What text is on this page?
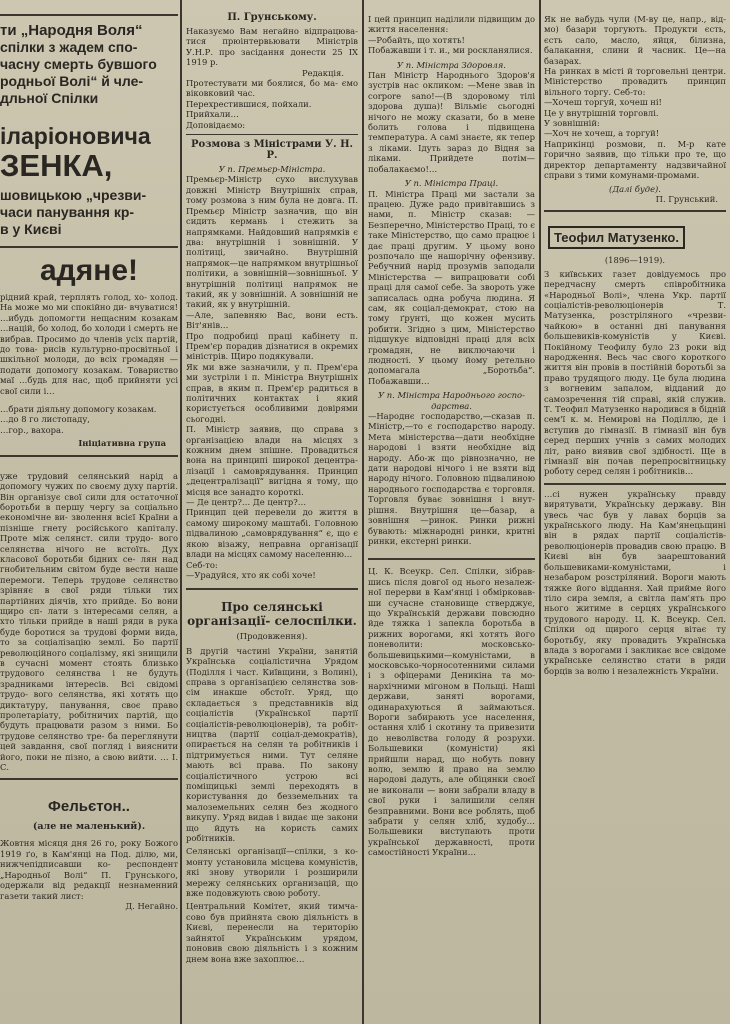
ти „Народня Воля“
спілки з жадем спо-
часну смерть бувшого
родньої Волі“ й чле-
дльної Спілки
іларіоновича
ЗЕНКА,
шовицькою „чрезви-
часи панування кр-
в у Києві
адяне!

рідний край, терплять голод, хо- холод. На може мо ми спокійно ди- вчуватися! …ибудь допомогти нещасним козакам …націй, бо холод, бо холоди і смерть не вибрав. Просимо до членів усіх партій, до това- рисів культурно-просвітньої і шкільної молоди, до всіх громадян — подати допомогу козакам. Товариство маї …будь для нас, щоб прийняти усі свої сили і…

…брати діяльну допомогу козакам.

…до 8 го листопаду,

…гор., вахора.

Ініціативна група

уже трудовий селянський нарід а допомогу чужих по своєму духу партій. Він організує свої сили для остаточної боротьби в першу чергу за соціально економічне ви- зволення всієї Країни а пізніше гнету російського капіталу. Проте між селянст. сили трудо- вого селянства нічого не встоїть. Дух класової боротьби бідних се- лян над гнобительним світом буде вести наше перемоги. Теперь трудове селянство зрівняє в свої ряди тільки тих партійних діячів, хто прийде. Бо вони щиро сп- лати з інтересами селян, а хто тільки прийде в наші ряди в рука буде боротися за трудові форми вида, то за соціалізацію землі. Бо партії революційного соціалізму, які знищили в сучасні момент стоять близько трудового селянства і не будуть зрадниками інтересів. Всі свідомі трудо- вого селянства, які хотять що диктатуру, панування, своє право пролетаріату, робітничих партій, що будуть працювати разом з ними. Бо трудове селянство тре- ба переглянути цей завдання, свої погляд і вияснити його, поки не пізно, а свою вийти. … І. С.

Фельєтон..
(але не маленький).

Жовтня місяця дня 26 го, року Божого 1919 ґо, в Кам'янці на Под. ділю, ми, нижчепідписавши ко- респондент „Народньої Волі“ П. Грунського, одержали від редакції незнаменний газети такий лист:

Д. Негайно.

П. Грунському.

Наказуємо Вам негайно відпрацюватися прюінтервьювати Міністрів У.Н.Р. про засідання донести 25 IX 1919 р.

Редакція.

Протестувати ми боялися, бо ма- ємо віковковий час.

Перехрестившися, пойхали.

Прийхали…

Доповідаємо:

Розмова з Міністрами У. Н. Р.
У п. Премьєр-Міністра.

Премьєр-Міністр сухо вислухував довжні Міністр Внутрішніх справ, тому розмова з ним була не довга. П. Премьєр Міністр зазначив, що він сидить кермань і стежить за напрямками. Найдовший напрямків є два: внутрішній і зовнішній. У політиці, звичайно. Внутрішній напрямок—це напрямком внутрішньої політики, а зовнішній—зовнішньої. У внутрішній політиці напрямок не такий, як у зовнішній. А зовнішній не такий, як у внутрішній.

—Але, запевняю Вас, вони есть. Віт'янів…

Про подробиці праці кабінету п. Прем'єр порадив дізнатися в окремих міністрів. Щиро подякували.

Як ми вже зазначили, у п. Прем'єра ми зустріли і п. Міністра Внутрішніх справ, в яким п. Прем'єр радиться в політичних контактах і який користується особливими довірями сьогодні.

П. Міністр заявив, що справа з організацією влади на місцях з кожним днем зпішне. Провадиться вона на принципі широкої децентралізації і самоврядування. Принцип „децентралізації“ вигідна я тому, що місця все занадто короткі.

— Де центр?… Де центр?…

Принцип цей перевели до життя в самому широкому маштабі. Головною підвалиною „самоврядування“ є, що є якою візажу, неправна організації влади на місцях самому населенню…

Себ-то:

—Урадуйся, хто як собі хоче!

Про селянські організації- селоспілки.
(Продовження).

В другій частині України, занятій Українська соціалістична Урядом (Поділля і част. Київщини, з Волині), справа з організацією селянства зовсім инакше обстоїт. Уряд, що складається з представників від соціалістів (Української партії соціалістів-революціонерів), та робітництва (партії соціал-демократів), опирається на селян та робітників і підтримується ними. Тут селяне мають всі права. По закону соціалістичного устрою всі поміщицькі землі переходять в користування до безземельних та малоземельних селян без жодного викупу. Уряд видав і видає ще закони що йдуть на користь самих робітників.

Селянські організації—спілки, з комонту установила місцева комуністів, які знову утворили і розширили мережу селянських организацій, що вже подовжують свою роботу.

Центральний Комітет, який тимчасово був прийнята свою діяльність в Києві, перенесли на територію зайнятої Українським урядом, поновив свою діяльність і з кожним днем вона вже захоплює…

І цей принцип наділили підвищим до життя населення:

—Робайть, що хотять!

Побажавши і т. и., ми роскланялися.

У п. Міністра Здоровля.

Пан Міністр Народнього Здоров'я зустрів нас окликом: —Мене звав in corpore sano!—(В здоровому тілі здорова душа)! Вільміє сьогодні нічого не можу сказати, бо в мене болить голова і підвищена температура. А самі знаєте, як тепер з ліками. Ідуть зараз до Відня за ліками. Прийдете потім—побалакаємо!…

У п. Міністра Праці.

П. Міністра Праці ми застали за працею. Дуже радо привітавшись з нами, п. Міністр сказав: —Безперечно, Міністерство Праці, то є таке Міністерство, що само працює і дає праці другим. У цьому воно розпочало ще нашорічну офензиву. Ребучний нарід прозумів заподали Міністерства — випрацювати собі праці для самої себе. За звороть уже записалась одна робуча людина. Я сам, як соціал-демократ, стою на тому ґрунті, що кожен мусить робити. Згідно з цим, Міністерство підшукує відповідні праці для всіх громадян, не виключаючи і людності. У цьому йому ретельно допомагала „Боротьба“. Побажавши…

У п. Міністра Народнього господарства.

—Народнє господарство,—сказав п. Міністр,—то є господарство народу. Мета міністерства—дати необхідне народові і взяти необхідне від народу. Або-ж що рівнозначно, не дати народові нічого і не взяти від народу нічого. Головною підвалиною народнього господарства є торговля. Торговля буває зовнішня і внутрішня. Внутрішня це—базар, а зовнішня —ринок. Ринки рижні бувають: міжнародні ринки, критні ринки, екстерні ринки.

Ц. К. Всеукр. Сел. Спілки, зібравшись після довгої од нього незалежної перерви в Кам'янці і обмірковавши сучасне становище стверджує, що Українській держави повсюдно йде тяжка і запекла боротьба в рижних ворогами, які хотять його поневолити: московсько-большевицькими—комуністами, в московсько-чорносотенними силами і з офіцерами Деникіна та монархічними мігоном в Польщі. Наші держави, заняті ворогами, одинарахуються й займаються. Вороги забирають усе населення, остання хліб і скотину та привезити до неволівства голоду й розрухи. Большевики (комуністи) які прийшли нарад, що нобуть повну волю, землю й право на землю народові дадуть, але обіцянки своєї не виконали — вони забрали владу в свої руки і залишили селян безправними. Вони все роблять, щоб забрати у селян хліб, худобу… Большевики виступають проти української державності, проти самостійності України…

Як не вабудь чули (М-ву це, напр., від-мо) базари торгують. Продукти єсть, єсть сало, масло, яйця, білизна, балакання, слини й часник. Це—на базарах.

На ринках в місті й торговельні центри. Міністерство провадить принцип вільного торгу. Себ-то:

—Хочеш торгуй, хочеш ні!

Це у внутрішній торговлі.

У зовнішній:

—Хоч не хочеш, а торгуй!

Наприкінці розмови, п. М-р кате горично заявив, що тільки про те, що директор департаменту надзвичайної справи з тими комунами-промами.

(Далі буде).

П. Грунський.

Теофил Матузенко.
(1896—1919).

З київських газет довідуємось про передчасну смерть співробітника «Народньої Волі», члена Укр. партії соціалістів-революціонерів Т. Матузенка, розстріляного «чрезвичайкою» в останні дні панування большевиків-комуністів у Києві. Покійному Теофилу було 23 роки від народження. Весь час свого короткого життя він провів в постійній боротьбі за право трудящого люду. Це була людина з вогневим запалом, відданий до самозречення тій справі, якій служив. Т. Теофил Матузенко народився в бідній сем'ї к. м. Немирові на Поділлю, де і вступив до гімназії. В гімназії він був серед перших учнів з самих молодих літ, рано виявив свої здібності. Ще в гімназії він почав перепросвітницьку роботу серед селян і робітників…

…сі нужен українську правду вирятувати, Українську державу. Він увесь час був у лавах борців за українського люду. На Кам'янецьщині він в рядах партії соціалістів-революціонерів провадив свою працю. В Києві він був заарештований большевиками-комуністами, і незабаром розстріляний. Вороги мають тяжке його віддання. Хай прийме його тіло сира земля, а світла пам'ять про нього житиме в серцях українського трудового народу. Ц. К. Всеукр. Сел. Спілки од щирого серця вітає ту боротьбу, яку провадить Українська влада з ворогами і закликає все свідоме українське селянство стати в ряди борців за волю і незалежність України.
